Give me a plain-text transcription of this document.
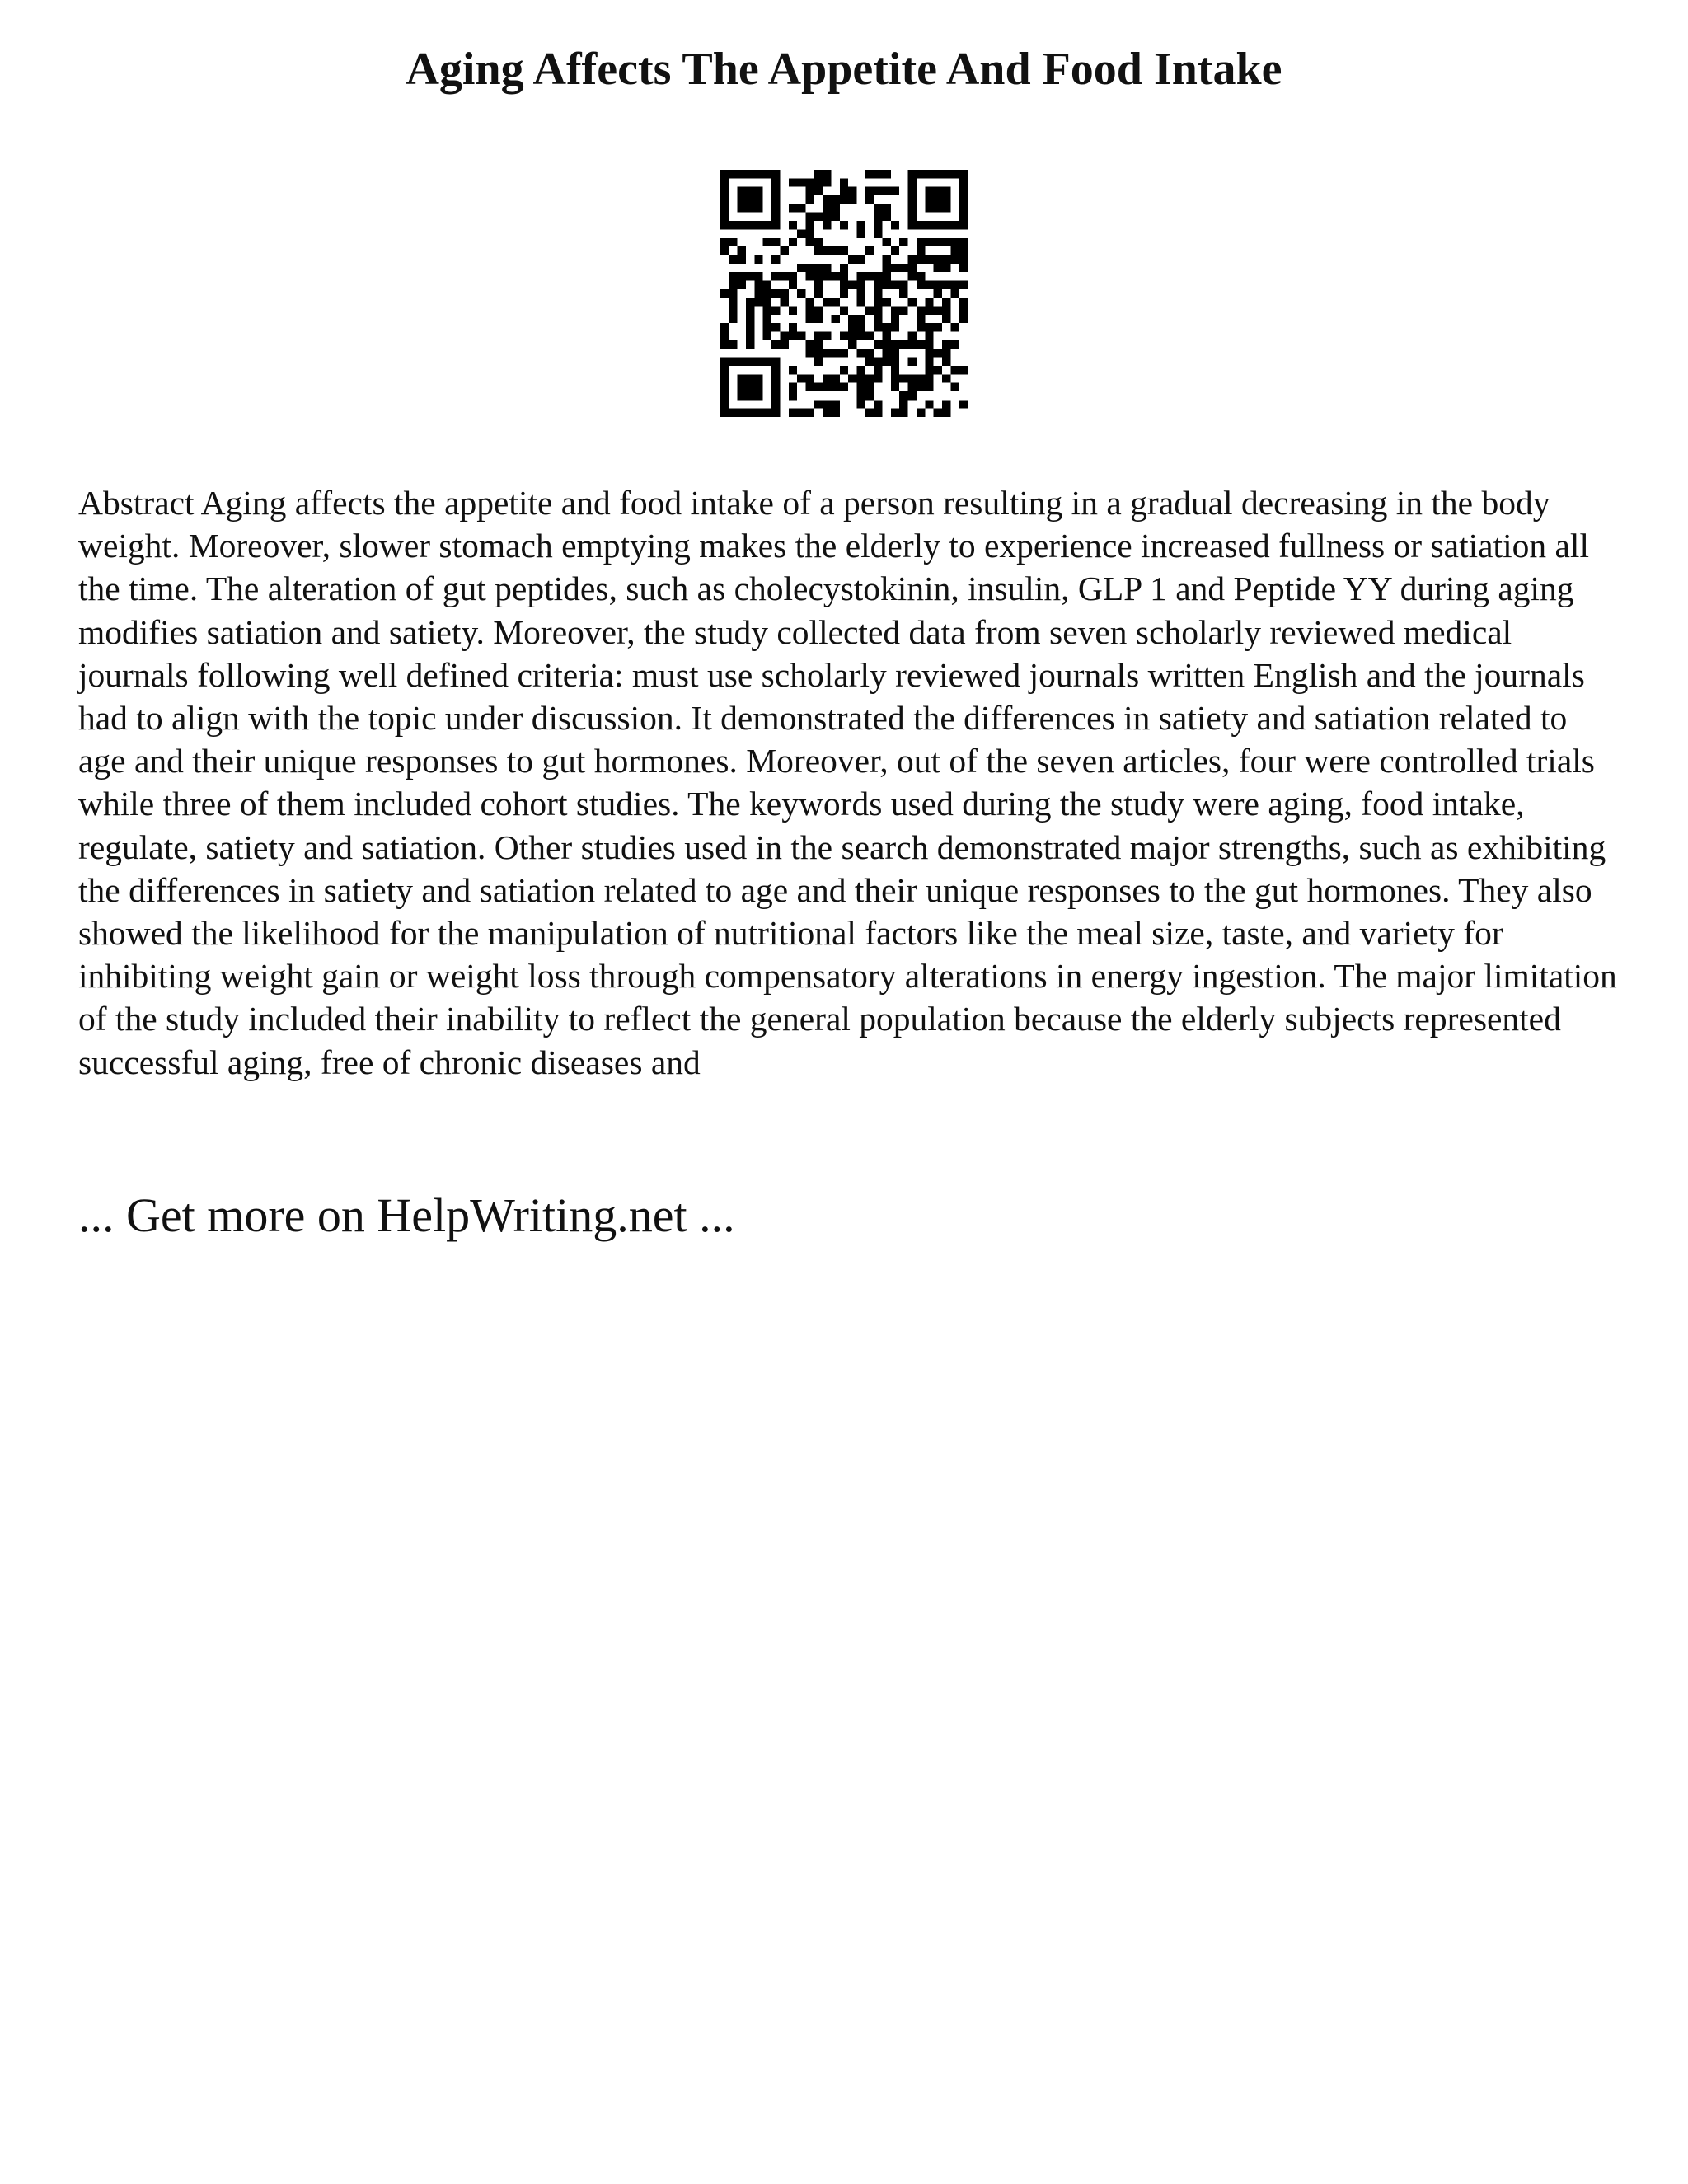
Aging Affects The Appetite And Food Intake

Abstract Aging affects the appetite and food intake of a person resulting in a gradual decreasing in the body weight. Moreover, slower stomach emptying makes the elderly to experience increased fullness or satiation all the time. The alteration of gut peptides, such as cholecystokinin, insulin, GLP 1 and Peptide YY during aging modifies satiation and satiety. Moreover, the study collected data from seven scholarly reviewed medical journals following well defined criteria: must use scholarly reviewed journals written English and the journals had to align with the topic under discussion. It demonstrated the differences in satiety and satiation related to age and their unique responses to gut hormones. Moreover, out of the seven articles, four were controlled trials while three of them included cohort studies. The keywords used during the study were aging, food intake, regulate, satiety and satiation. Other studies used in the search demonstrated major strengths, such as exhibiting the differences in satiety and satiation related to age and their unique responses to the gut hormones. They also showed the likelihood for the manipulation of nutritional factors like the meal size, taste, and variety for inhibiting weight gain or weight loss through compensatory alterations in energy ingestion. The major limitation of the study included their inability to reflect the general population because the elderly subjects represented successful aging, free of chronic diseases and

... Get more on HelpWriting.net ...
